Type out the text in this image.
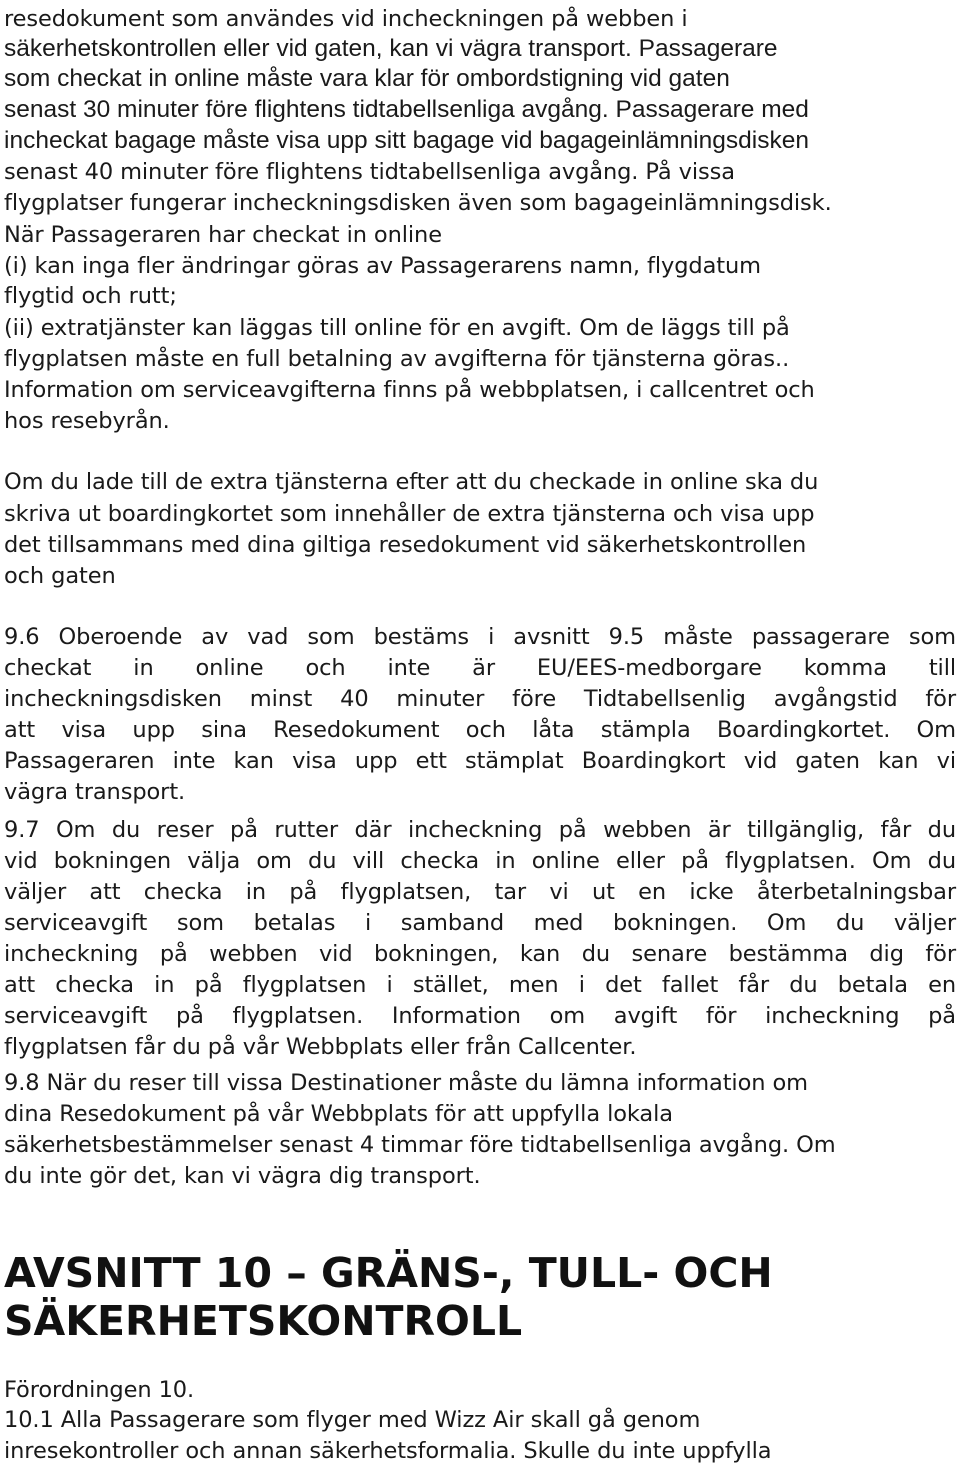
resedokument som användes vid incheckningen på webben i
säkerhetskontrollen eller vid gaten, kan vi vägra transport. Passagerare
som checkat in online måste vara klar för ombordstigning vid gaten
senast 30 minuter före flightens tidtabellsenliga avgång. Passagerare med
incheckat bagage måste visa upp sitt bagage vid bagageinlämningsdisken
senast 40 minuter före flightens tidtabellsenliga avgång. På vissa
flygplatser fungerar incheckningsdisken även som bagageinlämningsdisk.
När Passageraren har checkat in online
(i) kan inga fler ändringar göras av Passagerarens namn, flygdatum
flygtid och rutt;
(ii) extratjänster kan läggas till online för en avgift. Om de läggs till på
flygplatsen måste en full betalning av avgifterna för tjänsterna göras..
Information om serviceavgifterna finns på webbplatsen, i callcentret och
hos resebyrån.
Om du lade till de extra tjänsterna efter att du checkade in online ska du
skriva ut boardingkortet som innehåller de extra tjänsterna och visa upp
det tillsammans med dina giltiga resedokument vid säkerhetskontrollen
och gaten
9.6 Oberoende av vad som bestäms i avsnitt 9.5 måste passagerare som
checkat in online och inte är EU/EES-medborgare komma till
incheckningsdisken minst 40 minuter före Tidtabellsenlig avgångstid för
att visa upp sina Resedokument och låta stämpla Boardingkortet. Om
Passageraren inte kan visa upp ett stämplat Boardingkort vid gaten kan vi
vägra transport.
9.7 Om du reser på rutter där incheckning på webben är tillgänglig, får du
vid bokningen välja om du vill checka in online eller på flygplatsen. Om du
väljer att checka in på flygplatsen, tar vi ut en icke återbetalningsbar
serviceavgift som betalas i samband med bokningen. Om du väljer
incheckning på webben vid bokningen, kan du senare bestämma dig för
att checka in på flygplatsen i stället, men i det fallet får du betala en
serviceavgift på flygplatsen. Information om avgift för incheckning på
flygplatsen får du på vår Webbplats eller från Callcenter.
9.8 När du reser till vissa Destinationer måste du lämna information om
dina Resedokument på vår Webbplats för att uppfylla lokala
säkerhetsbestämmelser senast 4 timmar före tidtabellsenliga avgång. Om
du inte gör det, kan vi vägra dig transport.
AVSNITT 10 – GRÄNS-, TULL- OCH
SÄKERHETSKONTROLL
Förordningen 10.
10.1 Alla Passagerare som flyger med Wizz Air skall gå genom
inresekontroller och annan säkerhetsformalia. Skulle du inte uppfylla
